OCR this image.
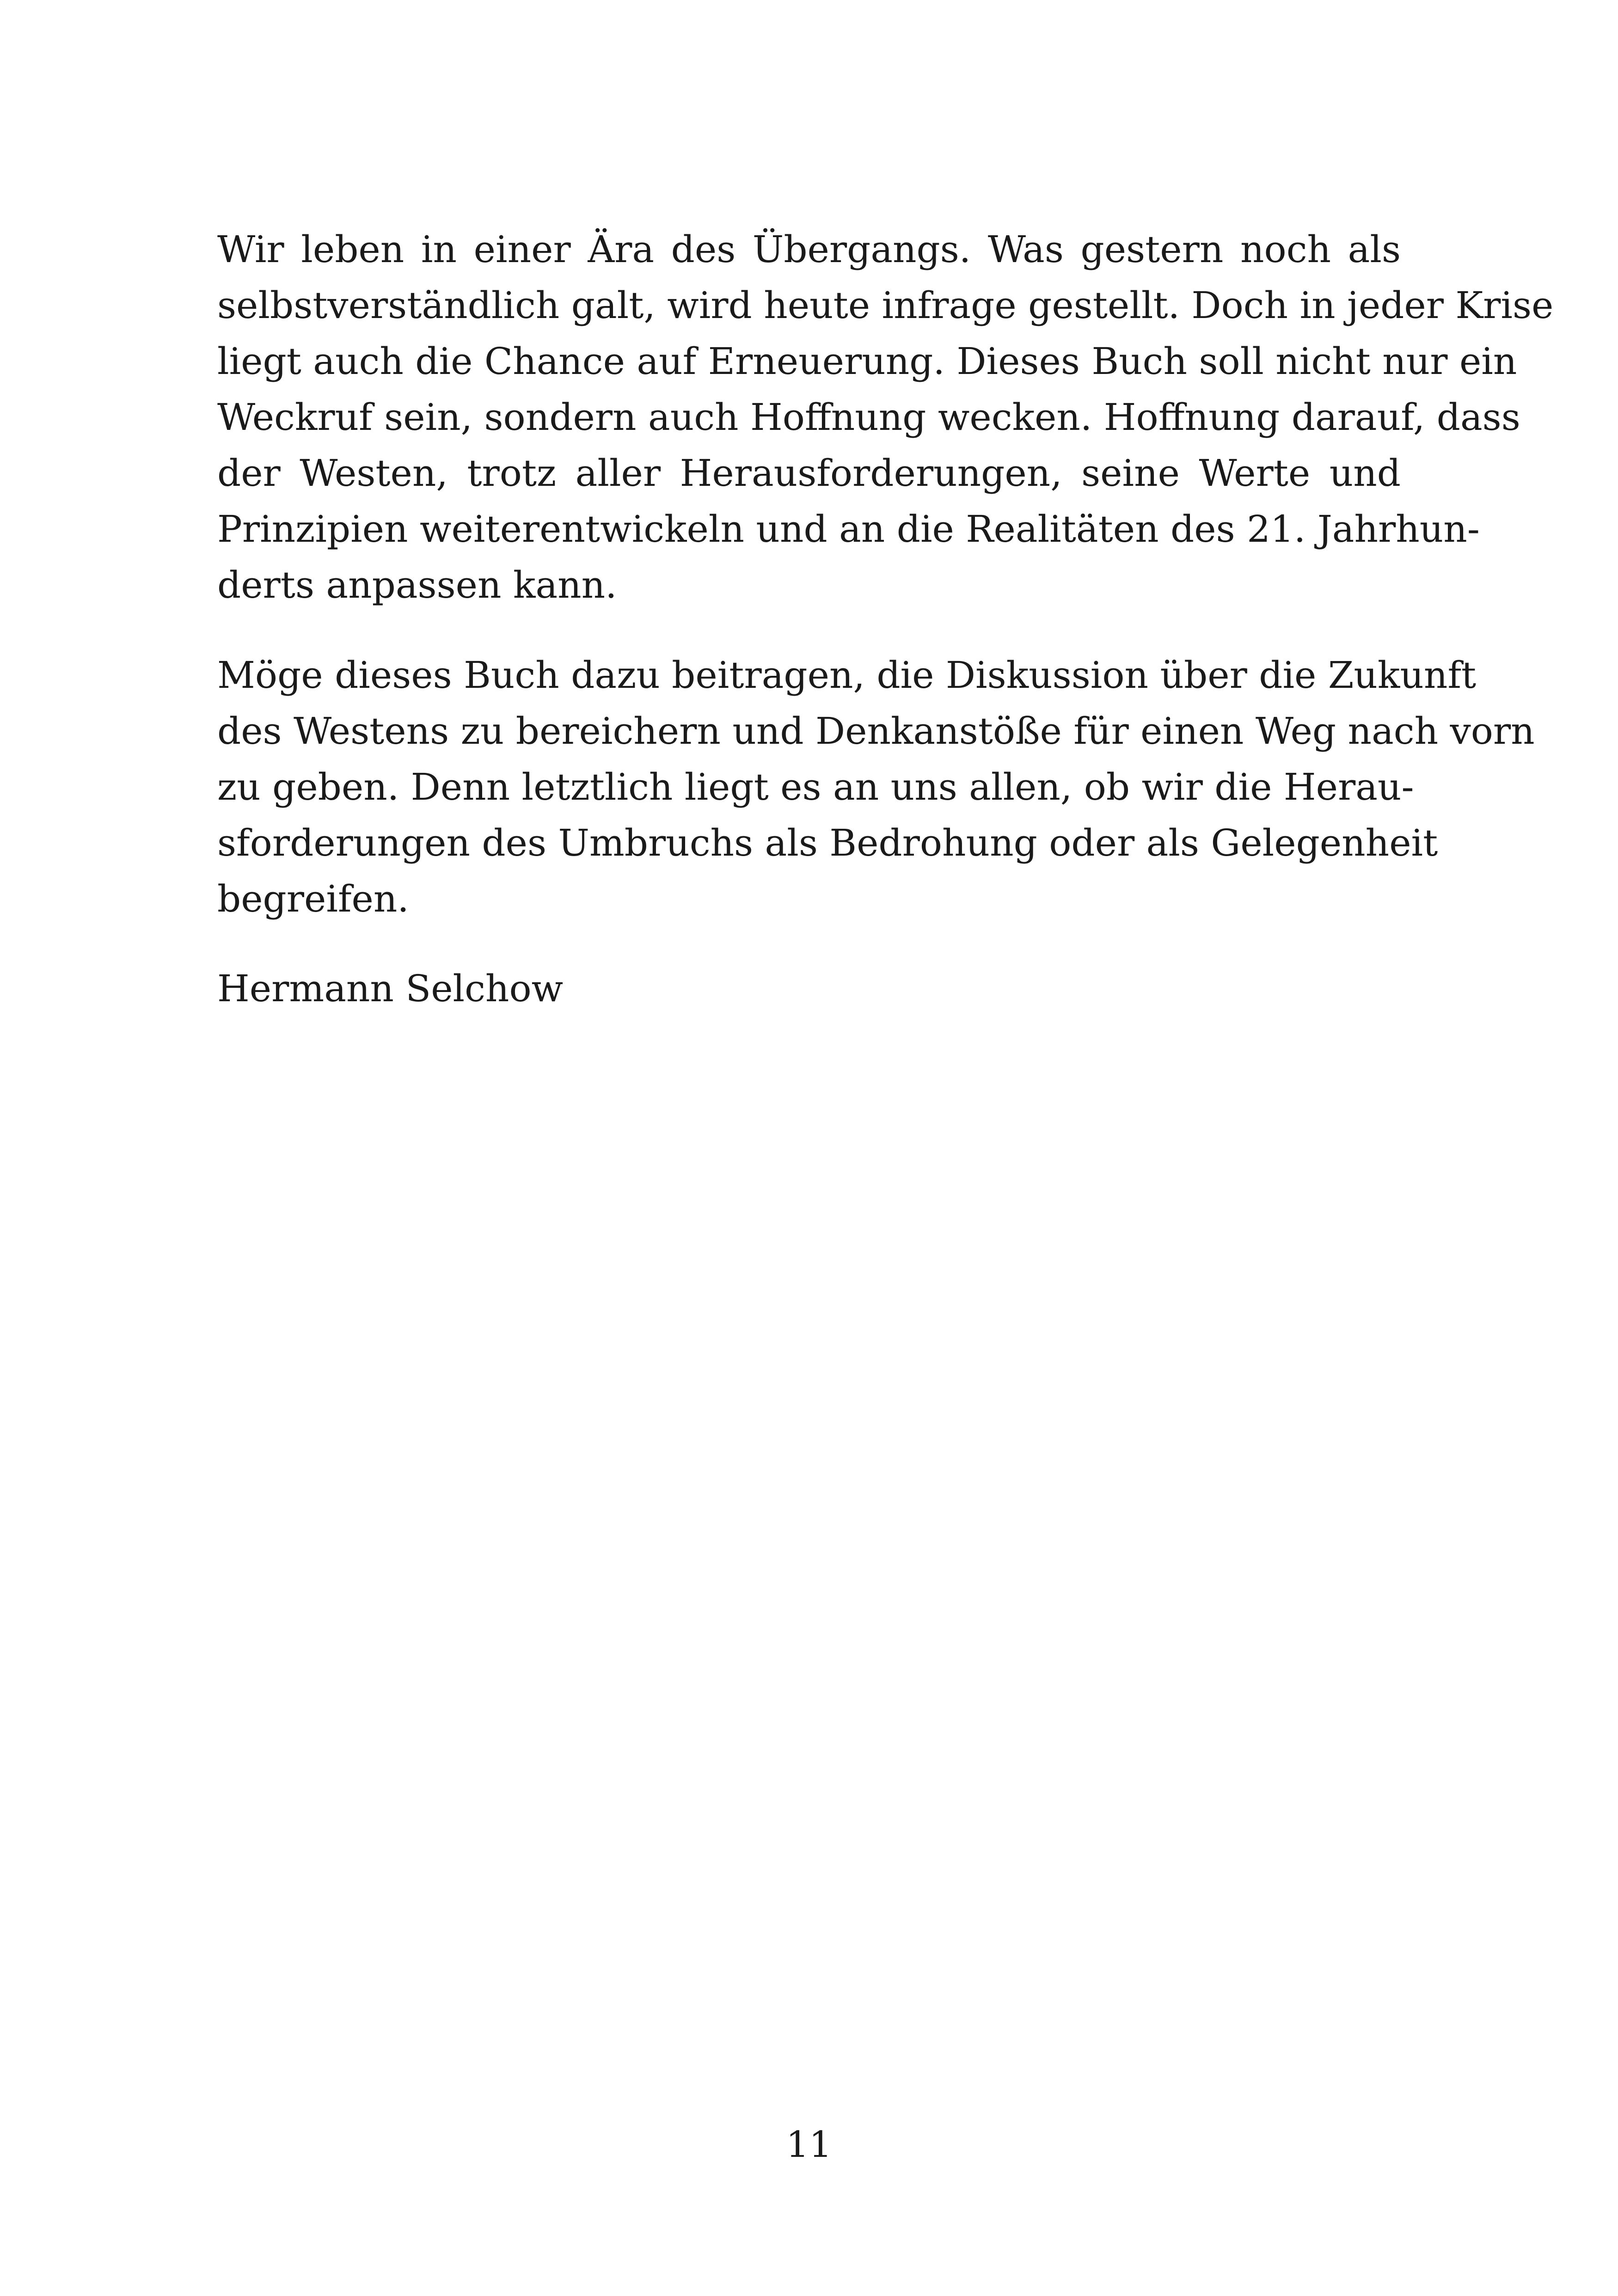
Wir leben in einer Ära des Übergangs. Was gestern noch als
selbstverständlich galt, wird heute infrage gestellt. Doch in jeder Krise
liegt auch die Chance auf Erneuerung. Dieses Buch soll nicht nur ein
Weckruf sein, sondern auch Hoffnung wecken. Hoffnung darauf, dass
der Westen, trotz aller Herausforderungen, seine Werte und
Prinzipien weiterentwickeln und an die Realitäten des 21. Jahrhun-
derts anpassen kann.
Möge dieses Buch dazu beitragen, die Diskussion über die Zukunft
des Westens zu bereichern und Denkanstöße für einen Weg nach vorn
zu geben. Denn letztlich liegt es an uns allen, ob wir die Herau-
sforderungen des Umbruchs als Bedrohung oder als Gelegenheit
begreifen.
Hermann Selchow
11
